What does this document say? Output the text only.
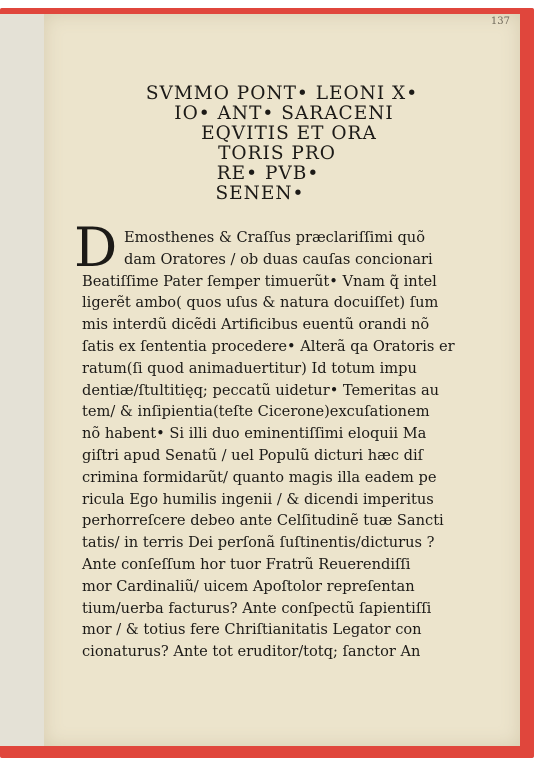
137
SVMMO PONT• LEONI X•
IO• ANT• SARACENI
EQVITIS ET ORA
TORIS PRO
RE• PVB•
SENEN•
D Emosthenes & Craſſus præclariſſimi quõ
dam Oratores / ob duas cauſas concionari
Beatiſſime Pater ſemper timuerũt• Vnam q̃ intel
ligerẽt ambo( quos uſus & natura docuiſſet) ſum
mis interdũ dicẽdi Artificibus euentũ orandi nõ
ſatis ex ſententia procedere• Alterã qa Oratoris er
ratum(ſi quod animaduertitur) Id totum impu
dentiæ/ſtultitięq; peccatũ uidetur• Temeritas au
tem/ & inſipientia(teſte Cicerone)excuſationem
nõ habent• Si illi duo eminentiſſimi eloquii Ma
giſtri apud Senatũ / uel Populũ dicturi hæc diſ
crimina formidarũt/ quanto magis illa eadem pe
ricula Ego humilis ingenii / & dicendi imperitus
perhorreſcere debeo ante Celſitudinẽ tuæ Sancti
tatis/ in terris Dei perſonã ſuſtinentis/dicturus ?
Ante conſeſſum hor tuor Fratrũ Reuerendiſſi
mor Cardinaliũ/ uicem Apoſtolor repreſentan
tium/uerba facturus? Ante conſpectũ ſapientiſſi
mor / & totius fere Chriſtianitatis Legator con
cionaturus? Ante tot eruditor/totq; ſanctor An
